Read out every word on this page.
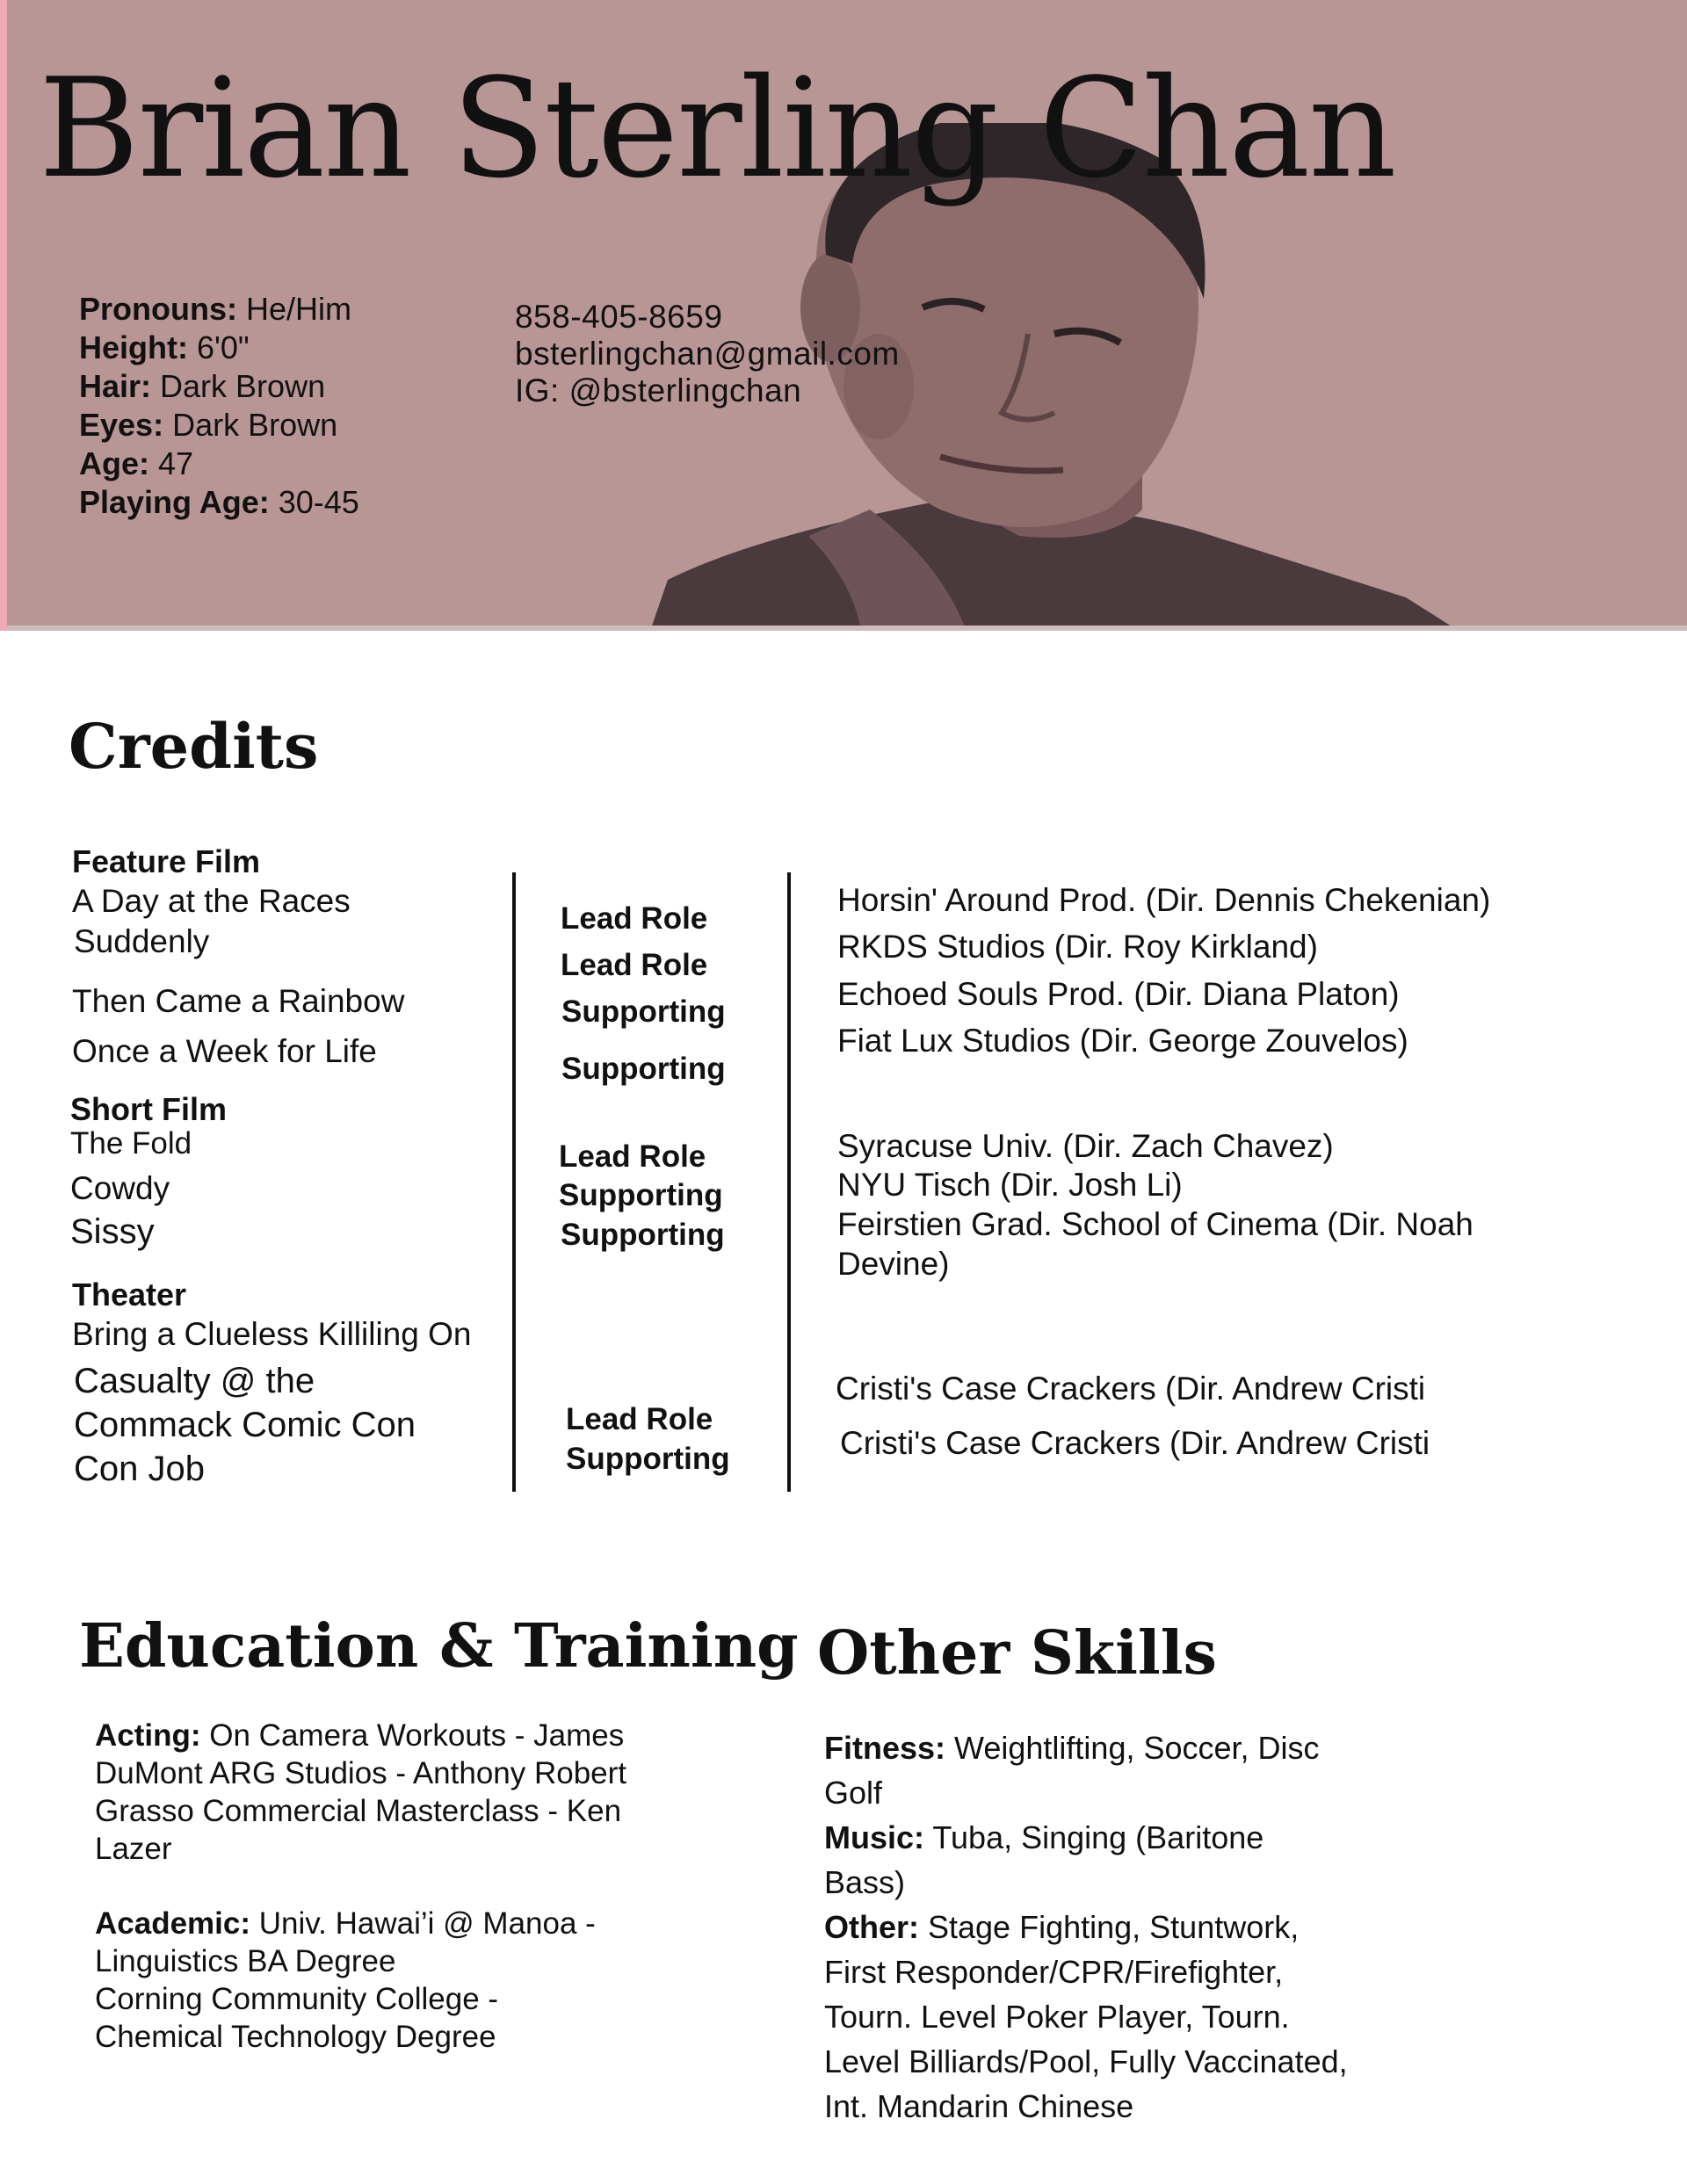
Brian Sterling Chan
Pronouns: He/Him
Height: 6'0"
Hair: Dark Brown
Eyes: Dark Brown
Age: 47
Playing Age: 30-45
858-405-8659
bsterlingchan@gmail.com
IG: @bsterlingchan
Credits
Feature Film
A Day at the Races
Suddenly
Then Came a Rainbow
Once a Week for Life
Lead Role
Lead Role
Supporting
Supporting
Horsin' Around Prod. (Dir. Dennis Chekenian)
RKDS Studios (Dir. Roy Kirkland)
Echoed Souls Prod. (Dir. Diana Platon)
Fiat Lux Studios (Dir. George Zouvelos)
Short Film
The Fold
Cowdy
Sissy
Lead Role
Supporting
Supporting
Syracuse Univ. (Dir. Zach Chavez)
NYU Tisch (Dir. Josh Li)
Feirstien Grad. School of Cinema (Dir. Noah
Devine)
Theater
Bring a Clueless Killiling On
Casualty @ the
Commack Comic Con
Con Job
Lead Role
Supporting
Cristi's Case Crackers (Dir. Andrew Cristi
Cristi's Case Crackers (Dir. Andrew Cristi
Education & Training
Acting: On Camera Workouts - James
DuMont ARG Studios - Anthony Robert
Grasso Commercial Masterclass - Ken
Lazer
Academic: Univ. Hawai’i @ Manoa -
Linguistics BA Degree
Corning Community College -
Chemical Technology Degree
Other Skills
Fitness: Weightlifting, Soccer, Disc
Golf
Music: Tuba, Singing (Baritone
Bass)
Other: Stage Fighting, Stuntwork,
First Responder/CPR/Firefighter,
Tourn. Level Poker Player, Tourn.
Level Billiards/Pool, Fully Vaccinated,
Int. Mandarin Chinese
